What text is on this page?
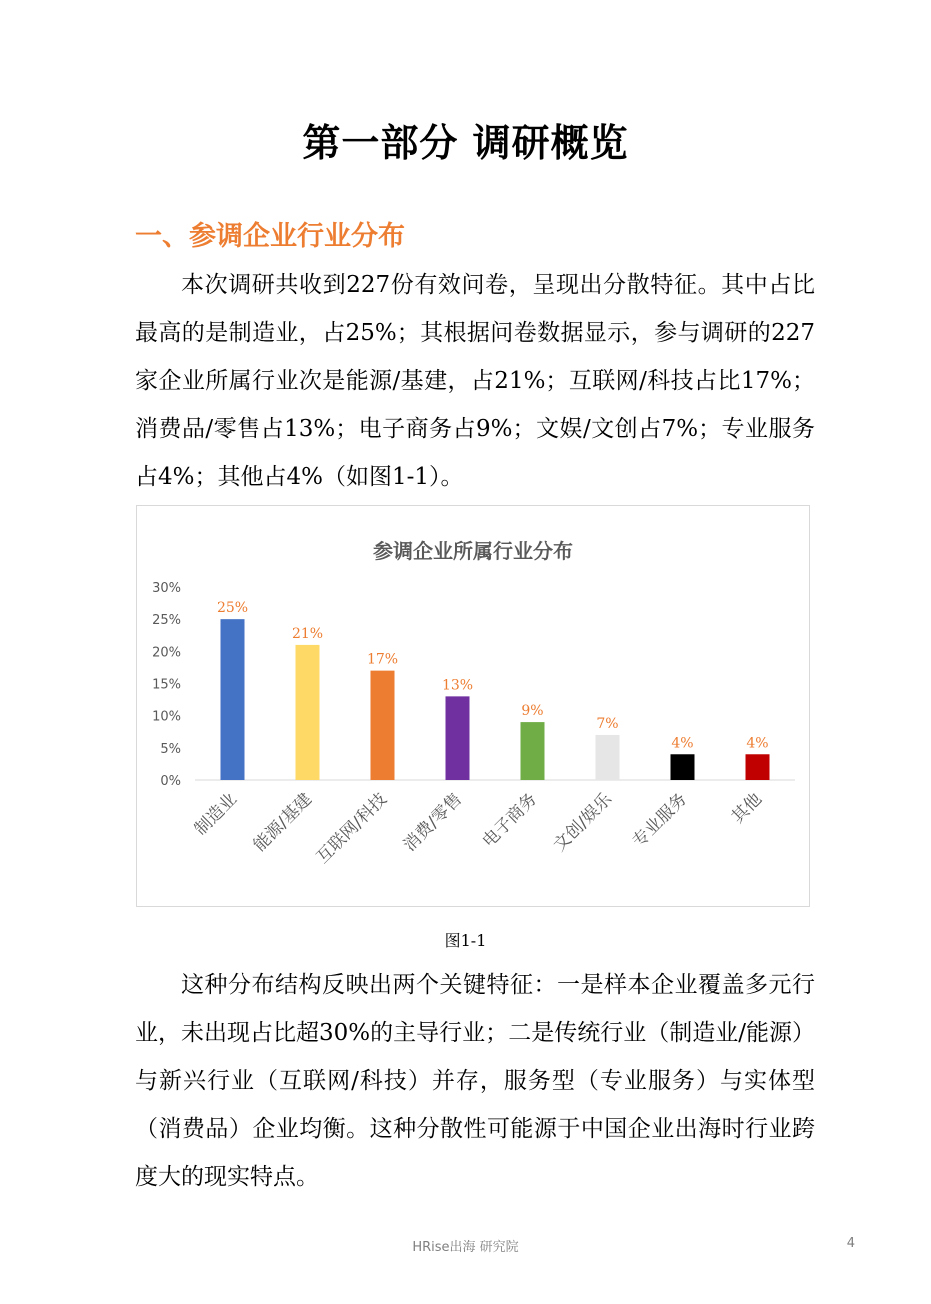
第一部分 调研概览
一、参调企业行业分布

本次调研共收到227份有效问卷，呈现出分散特征。其中占比最高的是制造业，占25%；其根据问卷数据显示，参与调研的227家企业所属行业次是能源/基建，占21%；互联网/科技占比17%；消费品/零售占13%；电子商务占9%；文娱/文创占7%；专业服务占4%；其他占4%（如图1-1）。

参调企业所属行业分布
0%
5%
10%
15%
20%
25%
30%
25%
21%
17%
13%
9%
7%
4%	4%
制造业 能源/基建
互联网/科技 消费/零售 电子商务 文创/娱乐 专业服务 其他
图1-1

这种分布结构反映出两个关键特征：一是样本企业覆盖多元行业，未出现占比超30%的主导行业；二是传统行业（制造业/能源）与新兴行业（互联网/科技）并存，服务型（专业服务）与实体型（消费品）企业均衡。这种分散性可能源于中国企业出海时行业跨度大的现实特点。

HRise出海 研究院	4
